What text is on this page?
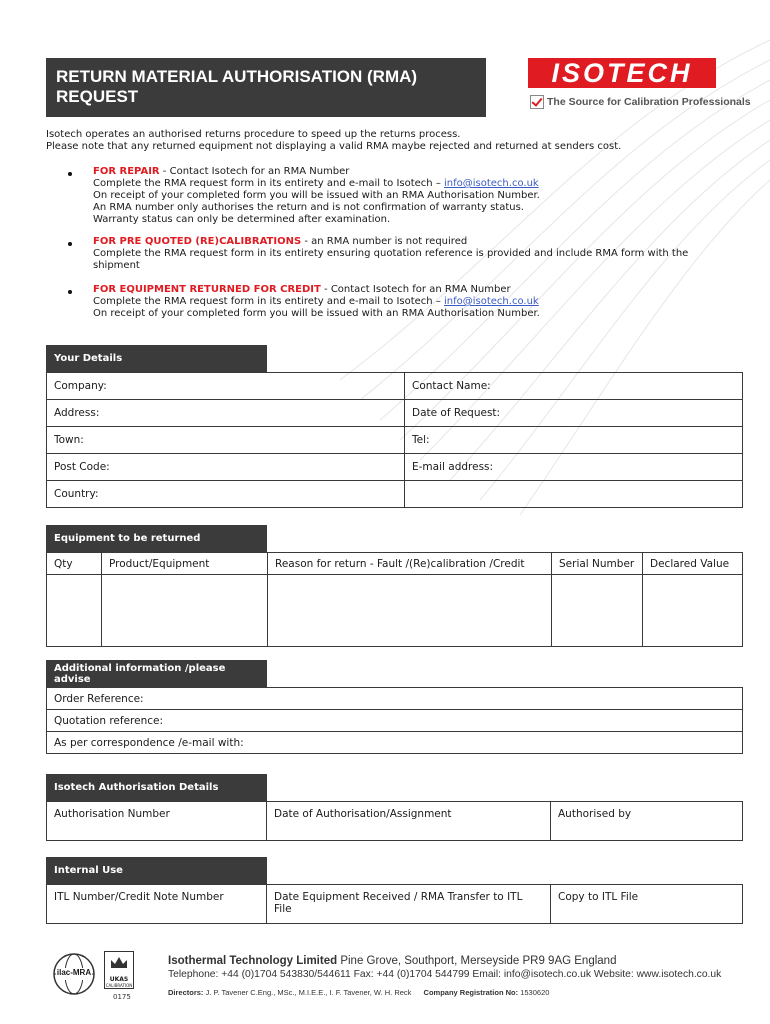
RETURN MATERIAL AUTHORISATION (RMA)
REQUEST
ISOTECH
The Source for Calibration Professionals
Isotech operates an authorised returns procedure to speed up the returns process.
Please note that any returned equipment not displaying a valid RMA maybe rejected and returned at senders cost.
FOR REPAIR - Contact Isotech for an RMA Number
Complete the RMA request form in its entirety and e-mail to Isotech – info@isotech.co.uk
On receipt of your completed form you will be issued with an RMA Authorisation Number.
An RMA number only authorises the return and is not confirmation of warranty status.
Warranty status can only be determined after examination.
FOR PRE QUOTED (RE)CALIBRATIONS - an RMA number is not required
Complete the RMA request form in its entirety ensuring quotation reference is provided and include RMA form with the
shipment
FOR EQUIPMENT RETURNED FOR CREDIT - Contact Isotech for an RMA Number
Complete the RMA request form in its entirety and e-mail to Isotech – info@isotech.co.uk
On receipt of your completed form you will be issued with an RMA Authorisation Number.
Your Details
Company:	Contact Name:
Address:	Date of Request:
Town:	Tel:
Post Code:	E-mail address:
Country:	
Equipment to be returned
Qty	Product/Equipment	Reason for return - Fault /(Re)calibration /Credit	Serial Number	Declared Value

Additional information /please advise
Order Reference:
Quotation reference:
As per correspondence /e-mail with:
Isotech Authorisation Details
Authorisation Number	Date of Authorisation/Assignment	Authorised by
Internal Use
ITL Number/Credit Note Number	Date Equipment Received / RMA Transfer to ITL File	Copy to ITL File
ilac-MRA
UKAS
CALIBRATION
0175
Isothermal Technology Limited Pine Grove, Southport, Merseyside PR9 9AG England
Telephone: +44 (0)1704 543830/544611 Fax: +44 (0)1704 544799 Email: info@isotech.co.uk Website: www.isotech.co.uk
Directors: J. P. Tavener C.Eng., MSc., M.I.E.E., I. F. Tavener, W. H. Reck Company Registration No: 1530620
